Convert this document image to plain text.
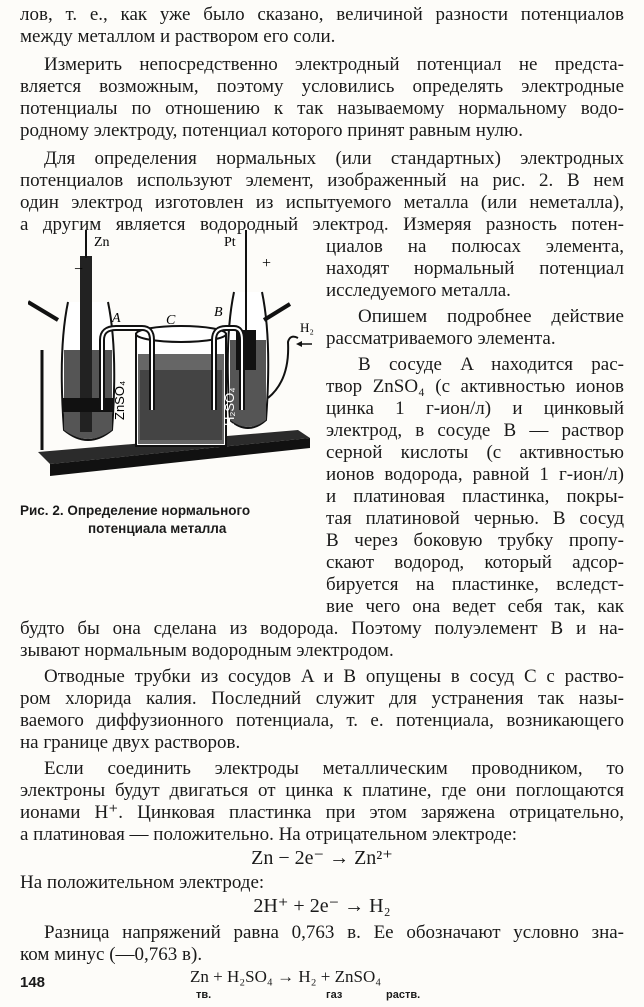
лов, т. е., как уже было сказано, величиной разности потенциалов
между металлом и раствором его соли.
Измерить непосредственно электродный потенциал не предста-
вляется возможным, поэтому условились определять электродные
потенциалы по отношению к так называемому нормальному водо-
родному электроду, потенциал которого принят равным нулю.
Для определения нормальных (или стандартных) электродных
потенциалов используют элемент, изображенный на рис. 2. В нем
один электрод изготовлен из испытуемого металла (или неметалла),
а другим является водородный электрод. Измеряя разность потен-
циалов на полюсах элемента,
находят нормальный потенциал
исследуемого металла.
Опишем подробнее действие
рассматриваемого элемента.
В сосуде A находится рас-
твор ZnSO₄ (с активностью ионов
цинка 1 г-ион/л) и цинковый
электрод, в сосуде B — раствор
серной кислоты (с активностью
ионов водорода, равной 1 г-ион/л)
и платиновая пластинка, покры-
тая платиновой чернью. В сосуд
B через боковую трубку пропу-
скают водород, который адсор-
бируется на пластинке, вследст-
вие чего она ведет себя так, как
Zn
−
Pt
+
A	C
B
H₂
ZnSO₄	H₂SO₄
Рис. 2. Определение нормального
потенциала металла
будто бы она сделана из водорода. Поэтому полуэлемент B и на-
зывают нормальным водородным электродом.
Отводные трубки из сосудов A и B опущены в сосуд C с раство-
ром хлорида калия. Последний служит для устранения так назы-
ваемого диффузионного потенциала, т. е. потенциала, возникающего
на границе двух растворов.
Если соединить электроды металлическим проводником, то
электроны будут двигаться от цинка к платине, где они поглощаются
ионами H⁺. Цинковая пластинка при этом заряжена отрицательно,
а платиновая — положительно. На отрицательном электроде:
Zn − 2e⁻ → Zn²⁺
На положительном электроде:
2H⁺ + 2e⁻ → H₂
Разница напряжений равна 0,763 в. Ее обозначают условно зна-
ком минус (—0,763 в).
148	Zn + H₂SO₄ → H₂ + ZnSO₄
тв.	газ	раств.
